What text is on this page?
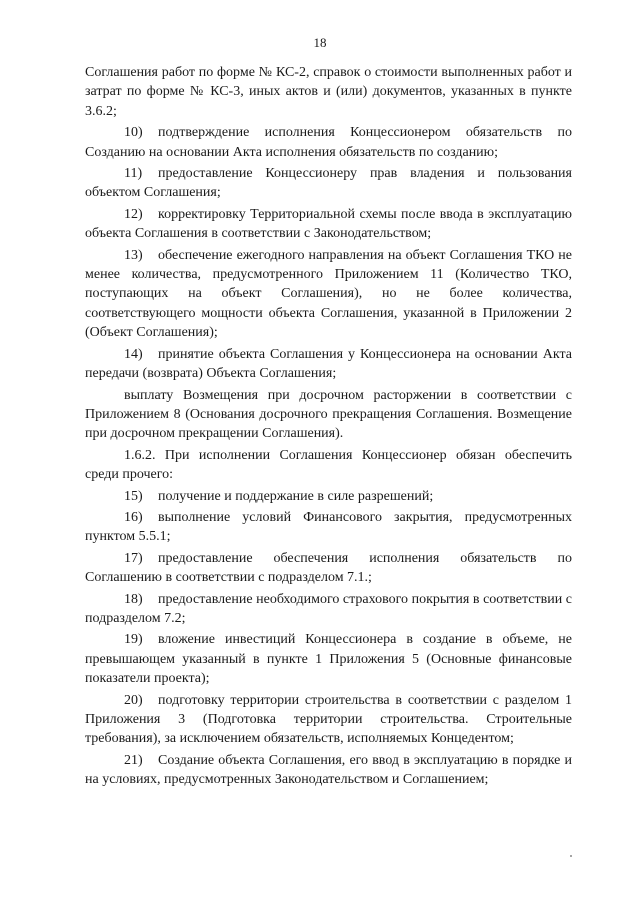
18

Соглашения работ по форме № КС-2, справок о стоимости выполненных работ и затрат по форме № КС-3, иных актов и (или) документов, указанных в пункте 3.6.2;

10) подтверждение исполнения Концессионером обязательств по Созданию на основании Акта исполнения обязательств по созданию;

11) предоставление Концессионеру прав владения и пользования объектом Соглашения;

12) корректировку Территориальной схемы после ввода в эксплуатацию объекта Соглашения в соответствии с Законодательством;

13) обеспечение ежегодного направления на объект Соглашения ТКО не менее количества, предусмотренного Приложением 11 (Количество ТКО, поступающих на объект Соглашения), но не более количества, соответствующего мощности объекта Соглашения, указанной в Приложении 2 (Объект Соглашения);

14) принятие объекта Соглашения у Концессионера на основании Акта передачи (возврата) Объекта Соглашения;

выплату Возмещения при досрочном расторжении в соответствии с Приложением 8 (Основания досрочного прекращения Соглашения. Возмещение при досрочном прекращении Соглашения).

1.6.2. При исполнении Соглашения Концессионер обязан обеспечить среди прочего:

15) получение и поддержание в силе разрешений;

16) выполнение условий Финансового закрытия, предусмотренных пунктом 5.5.1;

17) предоставление обеспечения исполнения обязательств по Соглашению в соответствии с подразделом 7.1.;

18) предоставление необходимого страхового покрытия в соответствии с подразделом 7.2;

19) вложение инвестиций Концессионера в создание в объеме, не превышающем указанный в пункте 1 Приложения 5 (Основные финансовые показатели проекта);

20) подготовку территории строительства в соответствии с разделом 1 Приложения 3 (Подготовка территории строительства. Строительные требования), за исключением обязательств, исполняемых Концедентом;

21) Создание объекта Соглашения, его ввод в эксплуатацию в порядке и на условиях, предусмотренных Законодательством и Соглашением;
